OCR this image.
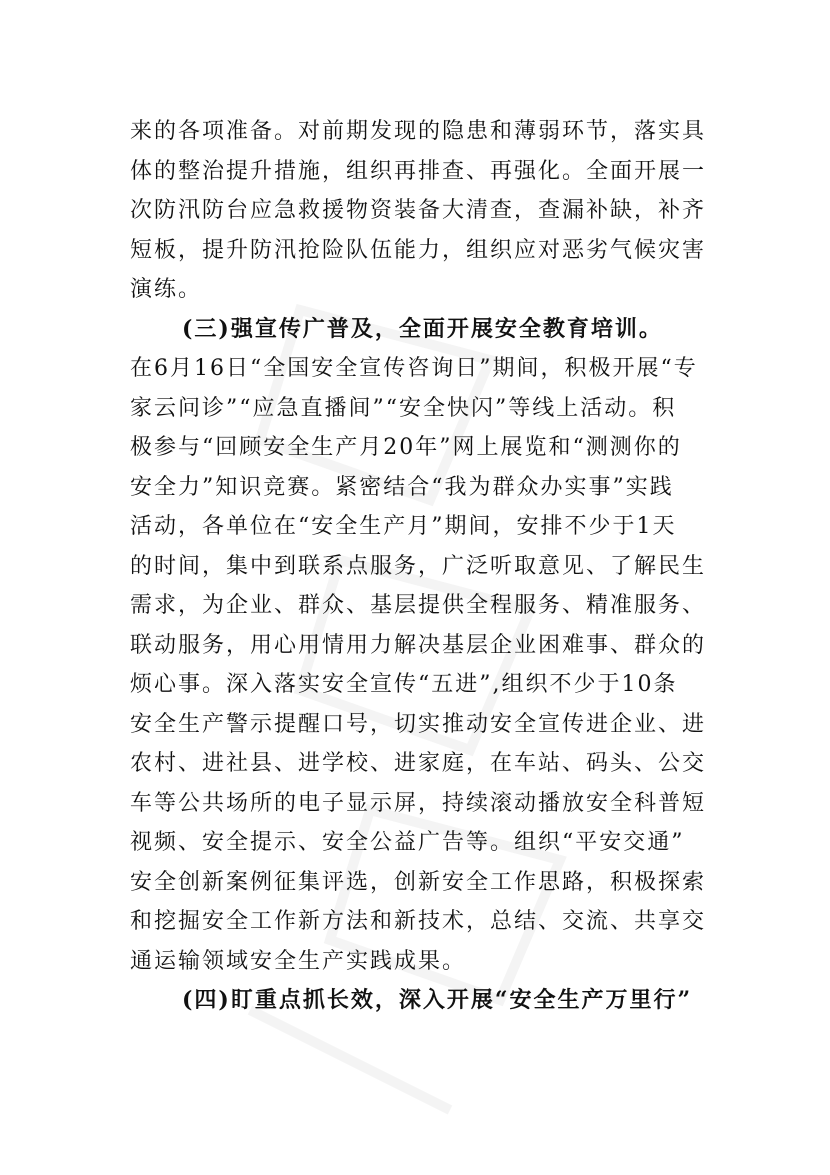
来的各项准备。对前期发现的隐患和薄弱环节，落实具
体的整治提升措施，组织再排查、再强化。全面开展一
次防汛防台应急救援物资装备大清查，查漏补缺，补齐
短板，提升防汛抢险队伍能力，组织应对恶劣气候灾害
演练。
(三)强宣传广普及，全面开展安全教育培训。
在6月16日“全国安全宣传咨询日”期间，积极开展“专
家云问诊”“应急直播间”“安全快闪”等线上活动。积
极参与“回顾安全生产月20年”网上展览和“测测你的
安全力”知识竞赛。紧密结合“我为群众办实事”实践
活动，各单位在“安全生产月”期间，安排不少于1天
的时间，集中到联系点服务，广泛听取意见、了解民生
需求，为企业、群众、基层提供全程服务、精准服务、
联动服务，用心用情用力解决基层企业困难事、群众的
烦心事。深入落实安全宣传“五进”,组织不少于10条
安全生产警示提醒口号，切实推动安全宣传进企业、进
农村、进社县、进学校、进家庭，在车站、码头、公交
车等公共场所的电子显示屏，持续滚动播放安全科普短
视频、安全提示、安全公益广告等。组织“平安交通”
安全创新案例征集评选，创新安全工作思路，积极探索
和挖掘安全工作新方法和新技术，总结、交流、共享交
通运输领域安全生产实践成果。
(四)盯重点抓长效，深入开展“安全生产万里行”
